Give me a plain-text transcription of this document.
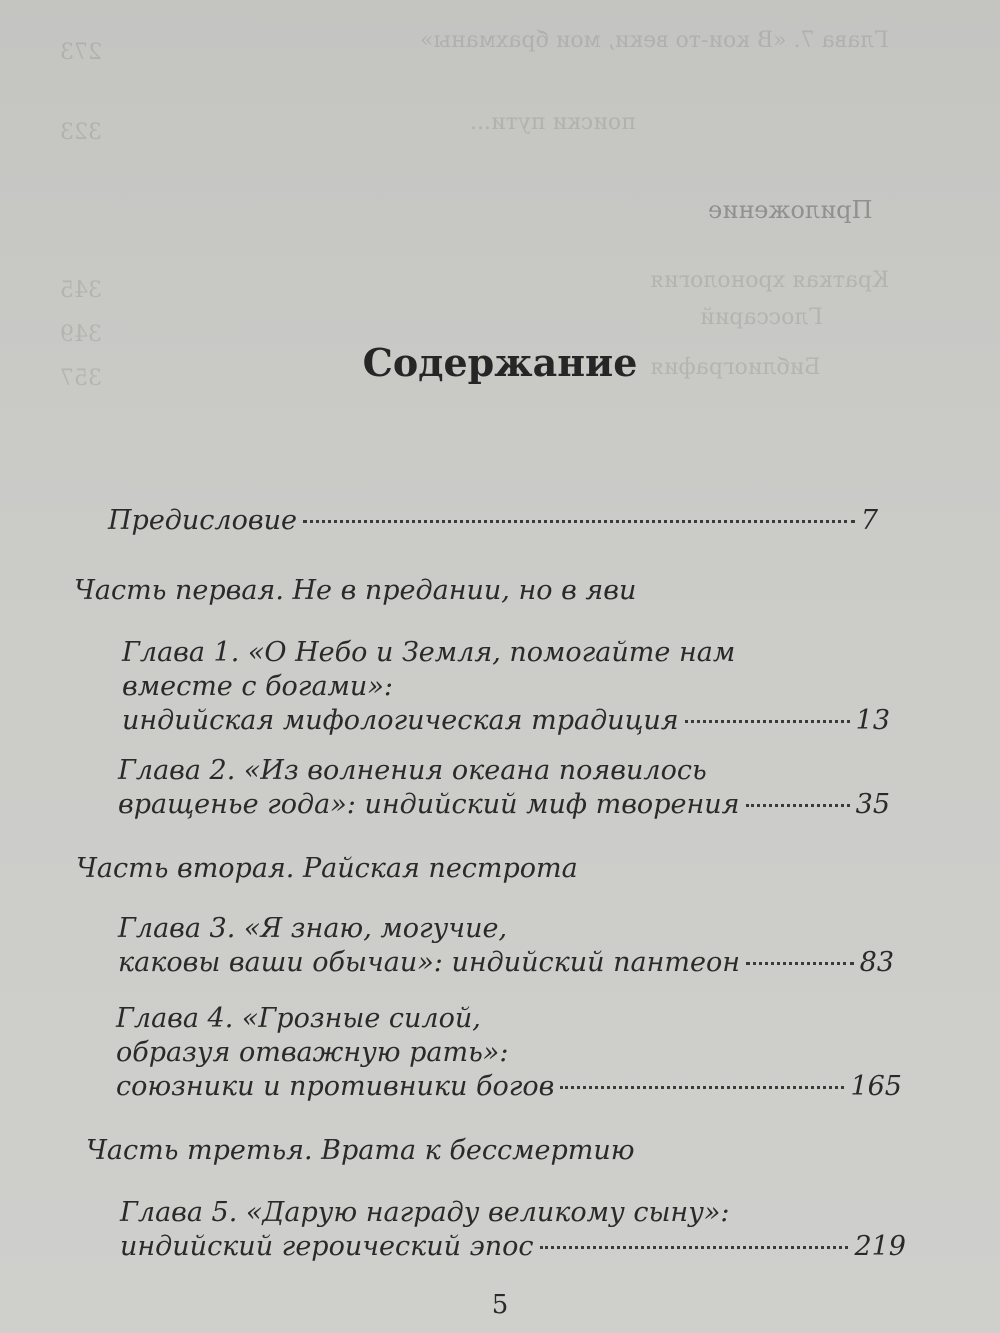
Глава 7. «В кои-то веки, мои брахманы»
поиски пути...
Приложение
Краткая хронология
Глоссарий
Библиография
273
323
345
349
357	Содержание
Предисловие	7
Часть первая. Не в предании, но в яви
Глава 1. «О Небо и Земля, помогайте нам
вместе с богами»:
индийская мифологическая традиция	13
Глава 2. «Из волнения океана появилось
вращенье года»: индийский миф творения	35
Часть вторая. Райская пестрота
Глава 3. «Я знаю, могучие,
каковы ваши обычаи»: индийский пантеон	83
Глава 4. «Грозные силой,
образуя отважную рать»:
союзники и противники богов	165
Часть третья. Врата к бессмертию
Глава 5. «Дарую награду великому сыну»:
индийский героический эпос	219
5
